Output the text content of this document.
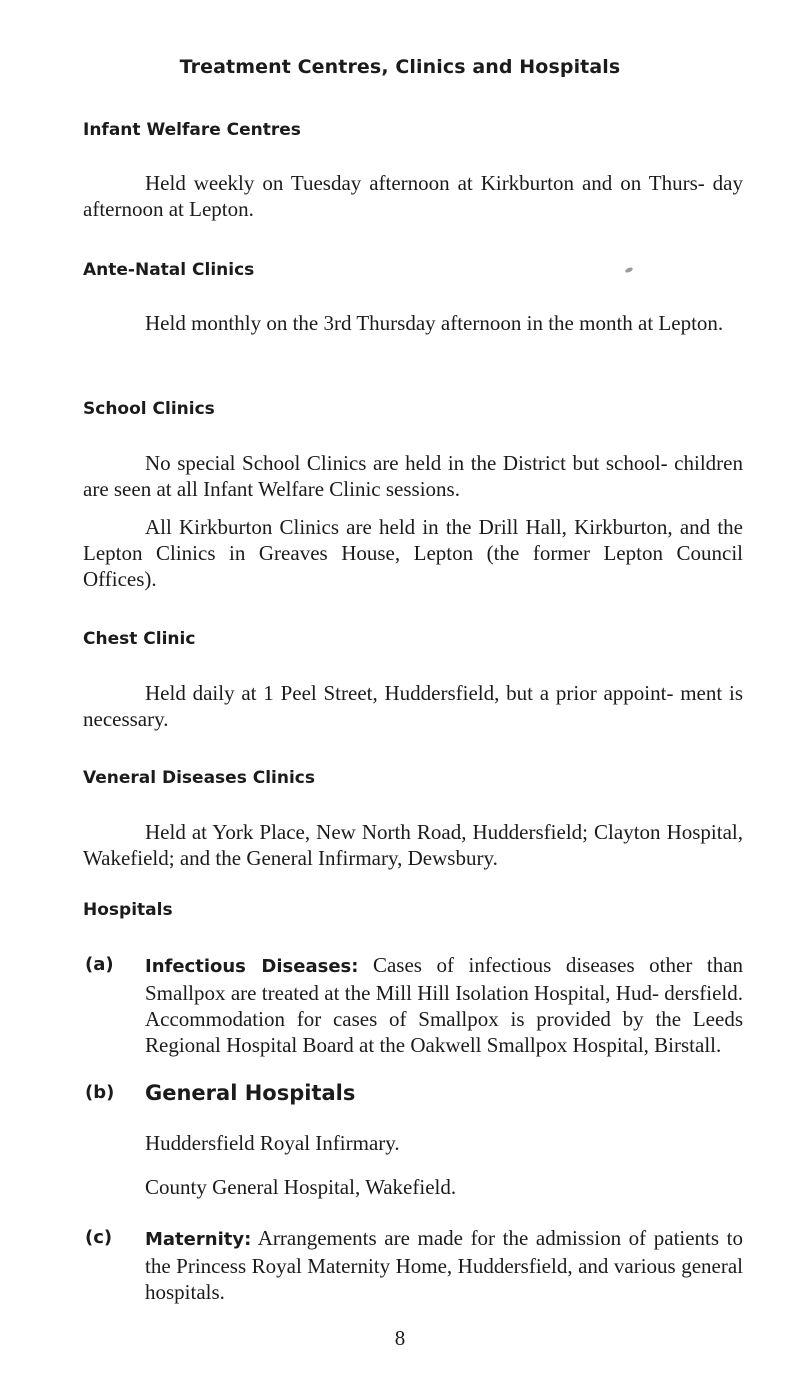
Treatment Centres, Clinics and Hospitals
Infant Welfare Centres
Held weekly on Tuesday afternoon at Kirkburton and on Thurs- day afternoon at Lepton.
Ante-Natal Clinics
Held monthly on the 3rd Thursday afternoon in the month at Lepton.
School Clinics
No special School Clinics are held in the District but school- children are seen at all Infant Welfare Clinic sessions.
All Kirkburton Clinics are held in the Drill Hall, Kirkburton, and the Lepton Clinics in Greaves House, Lepton (the former Lepton Council Offices).
Chest Clinic
Held daily at 1 Peel Street, Huddersfield, but a prior appoint- ment is necessary.
Veneral Diseases Clinics
Held at York Place, New North Road, Huddersfield; Clayton Hospital, Wakefield; and the General Infirmary, Dewsbury.
Hospitals
(a) Infectious Diseases: Cases of infectious diseases other than Smallpox are treated at the Mill Hill Isolation Hospital, Hud- dersfield. Accommodation for cases of Smallpox is provided by the Leeds Regional Hospital Board at the Oakwell Smallpox Hospital, Birstall.
(b) General Hospitals
Huddersfield Royal Infirmary.
County General Hospital, Wakefield.
(c) Maternity: Arrangements are made for the admission of patients to the Princess Royal Maternity Home, Huddersfield, and various general hospitals.
8
